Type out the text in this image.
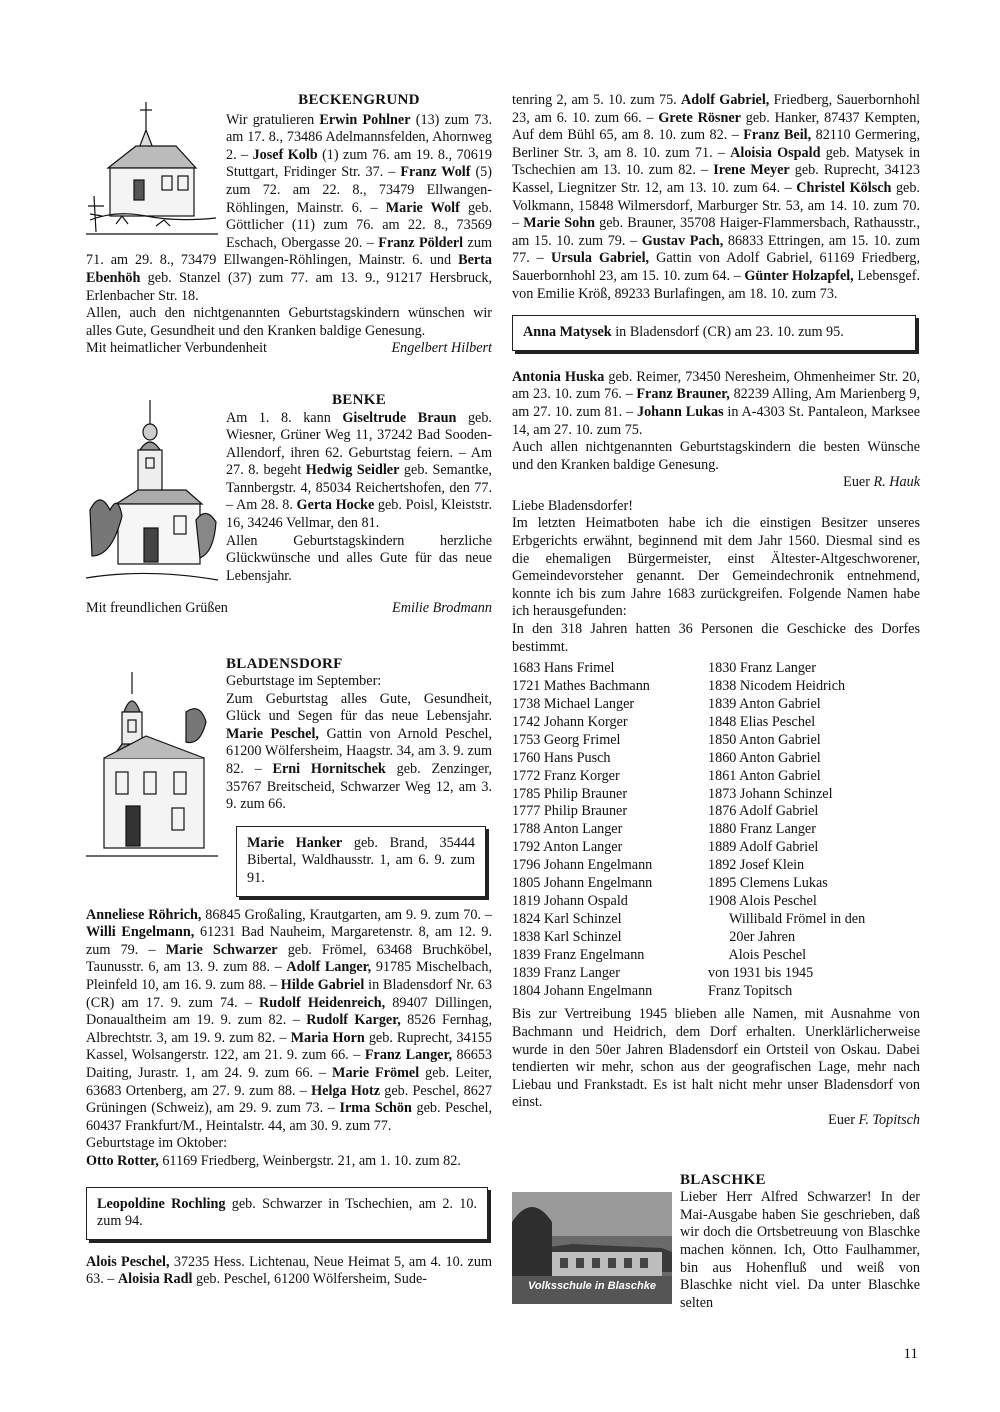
BECKENGRUND

Wir gratulieren Erwin Pohlner (13) zum 73. am 17. 8., 73486 Adelmannsfelden, Ahornweg 2. – Josef Kolb (1) zum 76. am 19. 8., 70619 Stuttgart, Fridinger Str. 37. – Franz Wolf (5) zum 72. am 22. 8., 73479 Ellwangen-Röhlingen, Mainstr. 6. – Marie Wolf geb. Göttlicher (11) zum 76. am 22. 8., 73569 Eschach, Obergasse 20. – Franz Pölderl zum 71. am 29. 8., 73479 Ellwangen-Röhlingen, Mainstr. 6. und Berta Ebenhöh geb. Stanzel (37) zum 77. am 13. 9., 91217 Hersbruck, Erlenbacher Str. 18.

Allen, auch den nichtgenannten Geburtstagskindern wünschen wir alles Gute, Gesundheit und den Kranken baldige Genesung.

Mit heimatlicher Verbundenheit	Engelbert Hilbert
BENKE

Am 1. 8. kann Giseltrude Braun geb. Wiesner, Grüner Weg 11, 37242 Bad Sooden-Allendorf, ihren 62. Geburtstag feiern. – Am 27. 8. begeht Hedwig Seidler geb. Semantke, Tannbergstr. 4, 85034 Reichertshofen, den 77. – Am 28. 8. Gerta Hocke geb. Poisl, Kleiststr. 16, 34246 Vellmar, den 81.

Allen Geburtstagskindern herzliche Glückwünsche und alles Gute für das neue Lebensjahr.

Mit freundlichen Grüßen	Emilie Brodmann
BLADENSDORF

Geburtstage im September:

Zum Geburtstag alles Gute, Gesundheit, Glück und Segen für das neue Lebensjahr. Marie Peschel, Gattin von Arnold Peschel, 61200 Wölfersheim, Haagstr. 34, am 3. 9. zum 82. – Erni Hornitschek geb. Zenzinger, 35767 Breitscheid, Schwarzer Weg 12, am 3. 9. zum 66.

Marie Hanker geb. Brand, 35444 Bibertal, Waldhausstr. 1, am 6. 9. zum 91.

Anneliese Röhrich, 86845 Großaling, Krautgarten, am 9. 9. zum 70. – Willi Engelmann, 61231 Bad Nauheim, Margaretenstr. 8, am 12. 9. zum 79. – Marie Schwarzer geb. Frömel, 63468 Bruchköbel, Taunusstr. 6, am 13. 9. zum 88. – Adolf Langer, 91785 Mischelbach, Pleinfeld 10, am 16. 9. zum 88. – Hilde Gabriel in Bladensdorf Nr. 63 (CR) am 17. 9. zum 74. – Rudolf Heidenreich, 89407 Dillingen, Donaualtheim am 19. 9. zum 82. – Rudolf Karger, 8526 Fernhag, Albrechtstr. 3, am 19. 9. zum 82. – Maria Horn geb. Ruprecht, 34155 Kassel, Wolsangerstr. 122, am 21. 9. zum 66. – Franz Langer, 86653 Daiting, Jurastr. 1, am 24. 9. zum 66. – Marie Frömel geb. Leiter, 63683 Ortenberg, am 27. 9. zum 88. – Helga Hotz geb. Peschel, 8627 Grüningen (Schweiz), am 29. 9. zum 73. – Irma Schön geb. Peschel, 60437 Frankfurt/M., Heintalstr. 44, am 30. 9. zum 77.

Geburtstage im Oktober:

Otto Rotter, 61169 Friedberg, Weinbergstr. 21, am 1. 10. zum 82.

Leopoldine Rochling geb. Schwarzer in Tschechien, am 2. 10. zum 94.

Alois Peschel, 37235 Hess. Lichtenau, Neue Heimat 5, am 4. 10. zum 63. – Aloisia Radl geb. Peschel, 61200 Wölfersheim, Sude-

tenring 2, am 5. 10. zum 75. Adolf Gabriel, Friedberg, Sauerbornhohl 23, am 6. 10. zum 66. – Grete Rösner geb. Hanker, 87437 Kempten, Auf dem Bühl 65, am 8. 10. zum 82. – Franz Beil, 82110 Germering, Berliner Str. 3, am 8. 10. zum 71. – Aloisia Ospald geb. Matysek in Tschechien am 13. 10. zum 82. – Irene Meyer geb. Ruprecht, 34123 Kassel, Liegnitzer Str. 12, am 13. 10. zum 64. – Christel Kölsch geb. Volkmann, 15848 Wilmersdorf, Marburger Str. 53, am 14. 10. zum 70. – Marie Sohn geb. Brauner, 35708 Haiger-Flammersbach, Rathausstr., am 15. 10. zum 79. – Gustav Pach, 86833 Ettringen, am 15. 10. zum 77. – Ursula Gabriel, Gattin von Adolf Gabriel, 61169 Friedberg, Sauerbornhohl 23, am 15. 10. zum 64. – Günter Holzapfel, Lebensgef. von Emilie Kröß, 89233 Burlafingen, am 18. 10. zum 73.

Anna Matysek in Bladensdorf (CR) am 23. 10. zum 95.

Antonia Huska geb. Reimer, 73450 Neresheim, Ohmenheimer Str. 20, am 23. 10. zum 76. – Franz Brauner, 82239 Alling, Am Marienberg 9, am 27. 10. zum 81. – Johann Lukas in A-4303 St. Pantaleon, Marksee 14, am 27. 10. zum 75.

Auch allen nichtgenannten Geburtstagskindern die besten Wünsche und den Kranken baldige Genesung.

Euer R. Hauk

Liebe Bladensdorfer!

Im letzten Heimatboten habe ich die einstigen Besitzer unseres Erbgerichts erwähnt, beginnend mit dem Jahr 1560. Diesmal sind es die ehemaligen Bürgermeister, einst Ältester-Altgeschworener, Gemeindevorsteher genannt. Der Gemeindechronik entnehmend, konnte ich bis zum Jahre 1683 zurückgreifen. Folgende Namen habe ich herausgefunden:

In den 318 Jahren hatten 36 Personen die Geschicke des Dorfes bestimmt.

1683 Hans Frimel
1721 Mathes Bachmann
1738 Michael Langer
1742 Johann Korger
1753 Georg Frimel
1760 Hans Pusch
1772 Franz Korger
1785 Philip Brauner
1777 Philip Brauner
1788 Anton Langer
1792 Anton Langer
1796 Johann Engelmann
1805 Johann Engelmann
1819 Johann Ospald
1824 Karl Schinzel
1838 Karl Schinzel
1839 Franz Engelmann
1839 Franz Langer
1804 Johann Engelmann
1830 Franz Langer
1838 Nicodem Heidrich
1839 Anton Gabriel
1848 Elias Peschel
1850 Anton Gabriel
1860 Anton Gabriel
1861 Anton Gabriel
1873 Johann Schinzel
1876 Adolf Gabriel
1880 Franz Langer
1889 Adolf Gabriel
1892 Josef Klein
1895 Clemens Lukas
1908 Alois Peschel
Willibald Frömel in den
20er Jahren
Alois Peschel
von 1931 bis 1945
Franz Topitsch

Bis zur Vertreibung 1945 blieben alle Namen, mit Ausnahme von Bachmann und Heidrich, dem Dorf erhalten. Unerklärlicherweise wurde in den 50er Jahren Bladensdorf ein Ortsteil von Oskau. Dabei tendierten wir mehr, schon aus der geografischen Lage, mehr nach Liebau und Frankstadt. Es ist halt nicht mehr unser Bladensdorf von einst.

Euer F. Topitsch
Volksschule in Blaschke
BLASCHKE

Lieber Herr Alfred Schwarzer! In der Mai-Ausgabe haben Sie geschrieben, daß wir doch die Ortsbetreuung von Blaschke machen können. Ich, Otto Faulhammer, bin aus Hohenfluß und weiß von Blaschke nicht viel. Da unter Blaschke selten

11
